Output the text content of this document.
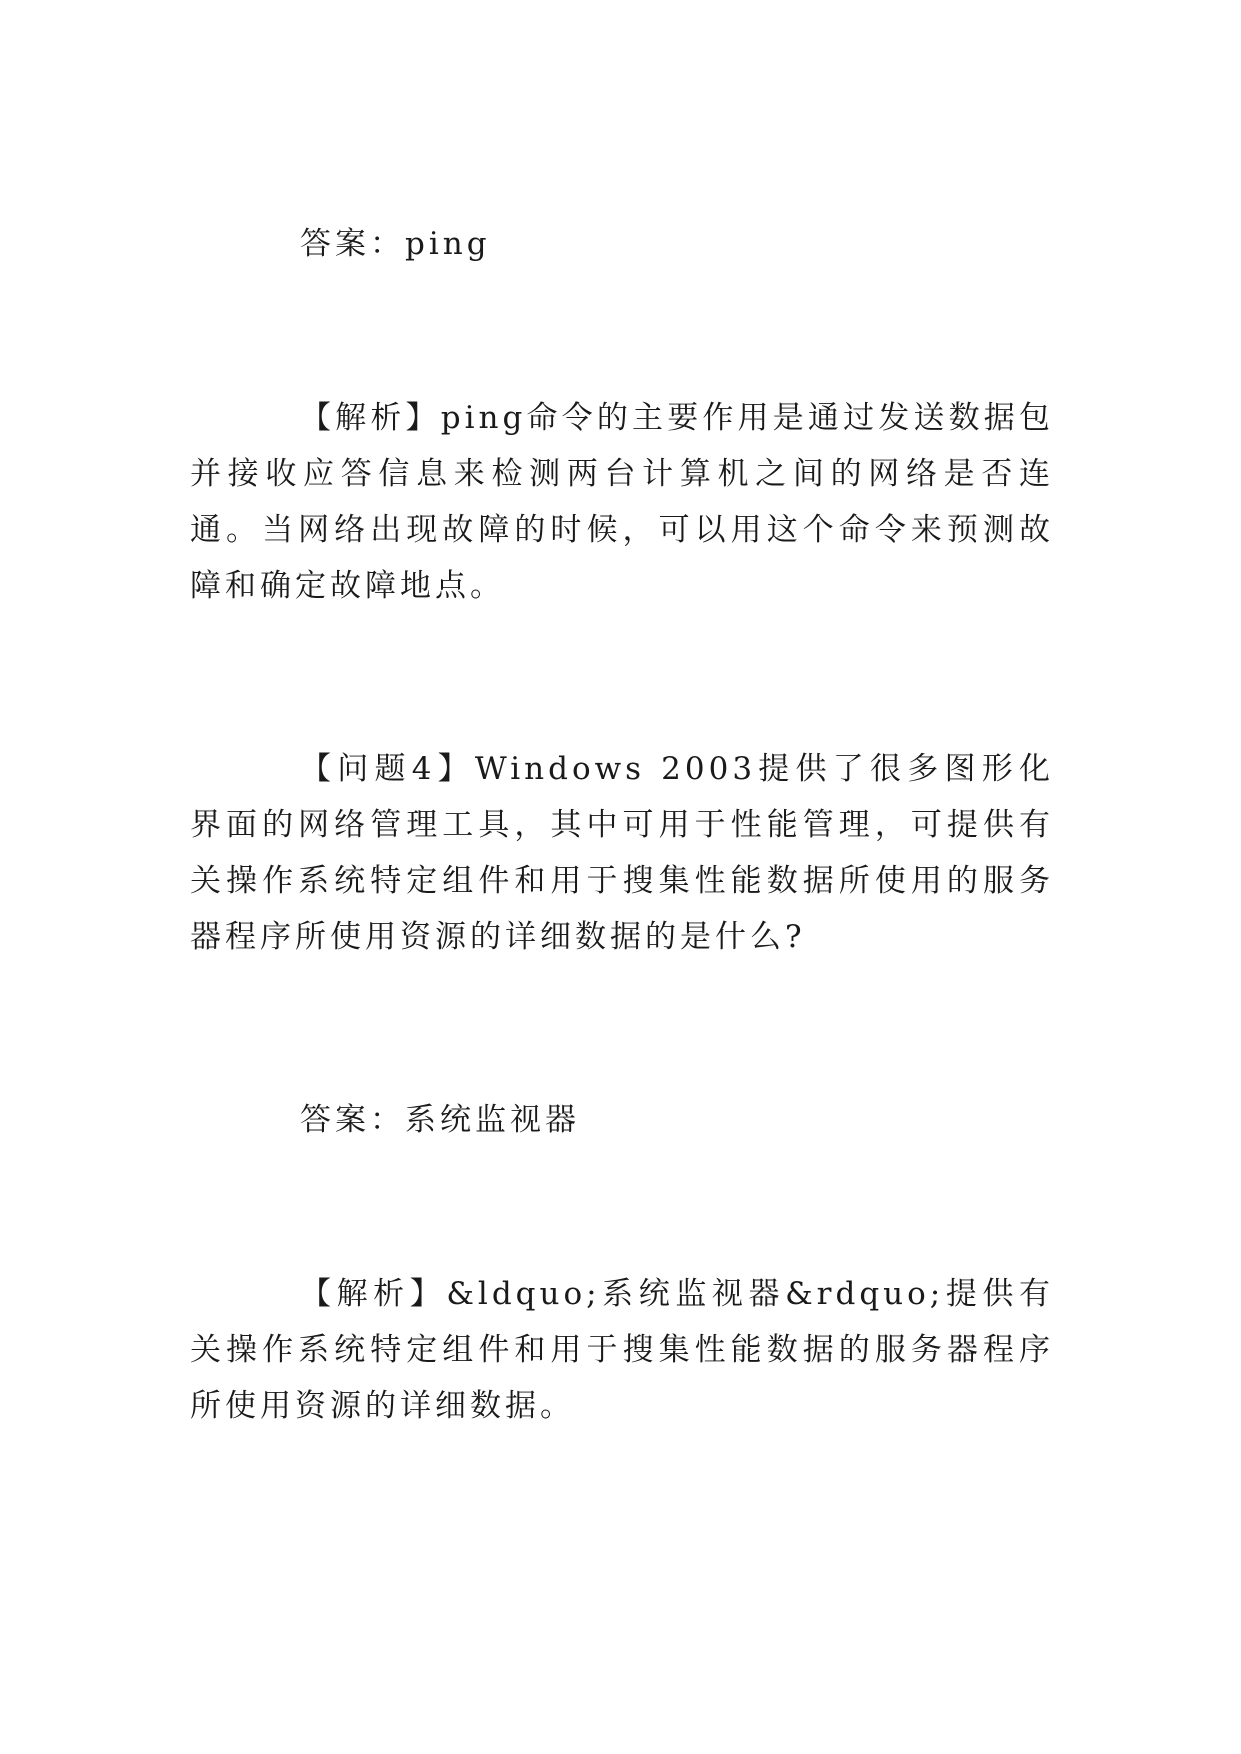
答案：ping

【解析】ping命令的主要作用是通过发送数据包并接收应答信息来检测两台计算机之间的网络是否连通。当网络出现故障的时候，可以用这个命令来预测故障和确定故障地点。

【问题4】Windows 2003提供了很多图形化界面的网络管理工具，其中可用于性能管理，可提供有关操作系统特定组件和用于搜集性能数据所使用的服务器程序所使用资源的详细数据的是什么?

答案：系统监视器

【解析】&ldquo;系统监视器&rdquo;提供有关操作系统特定组件和用于搜集性能数据的服务器程序所使用资源的详细数据。
